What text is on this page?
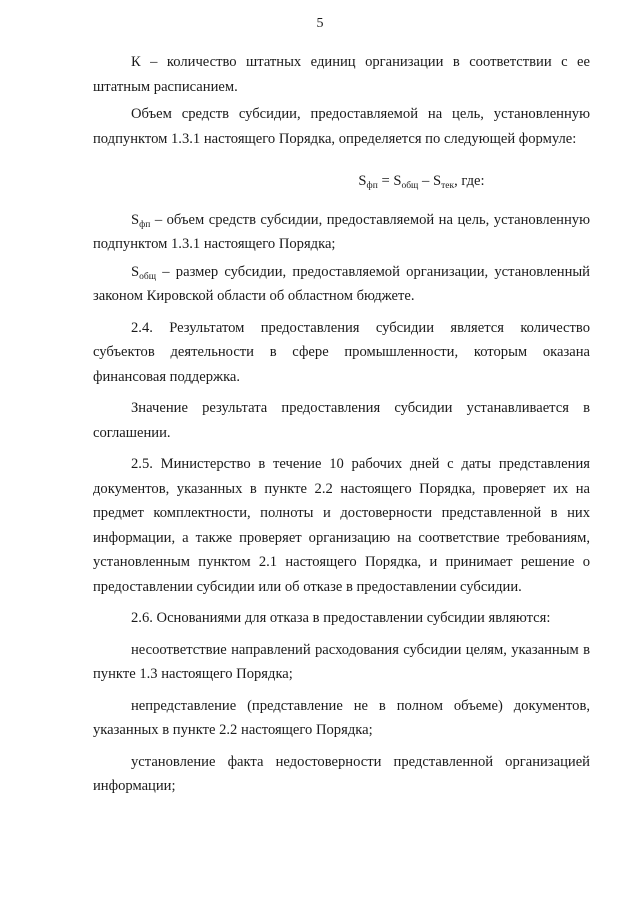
5

К – количество штатных единиц организации в соответствии с ее штатным расписанием.

Объем средств субсидии, предоставляемой на цель, установленную подпунктом 1.3.1 настоящего Порядка, определяется по следующей формуле:

$S_{фп} = S_{общ} - S_{тек}$, где:

$S_{фп}$ – объем средств субсидии, предоставляемой на цель, установленную подпунктом 1.3.1 настоящего Порядка;

$S_{общ}$ – размер субсидии, предоставляемой организации, установленный законом Кировской области об областном бюджете.

2.4. Результатом предоставления субсидии является количество субъектов деятельности в сфере промышленности, которым оказана финансовая поддержка.

Значение результата предоставления субсидии устанавливается в соглашении.

2.5. Министерство в течение 10 рабочих дней с даты представления документов, указанных в пункте 2.2 настоящего Порядка, проверяет их на предмет комплектности, полноты и достоверности представленной в них информации, а также проверяет организацию на соответствие требованиям, установленным пунктом 2.1 настоящего Порядка, и принимает решение о предоставлении субсидии или об отказе в предоставлении субсидии.

2.6. Основаниями для отказа в предоставлении субсидии являются:

несоответствие направлений расходования субсидии целям, указанным в пункте 1.3 настоящего Порядка;

непредставление (представление не в полном объеме) документов, указанных в пункте 2.2 настоящего Порядка;

установление факта недостоверности представленной организацией информации;
